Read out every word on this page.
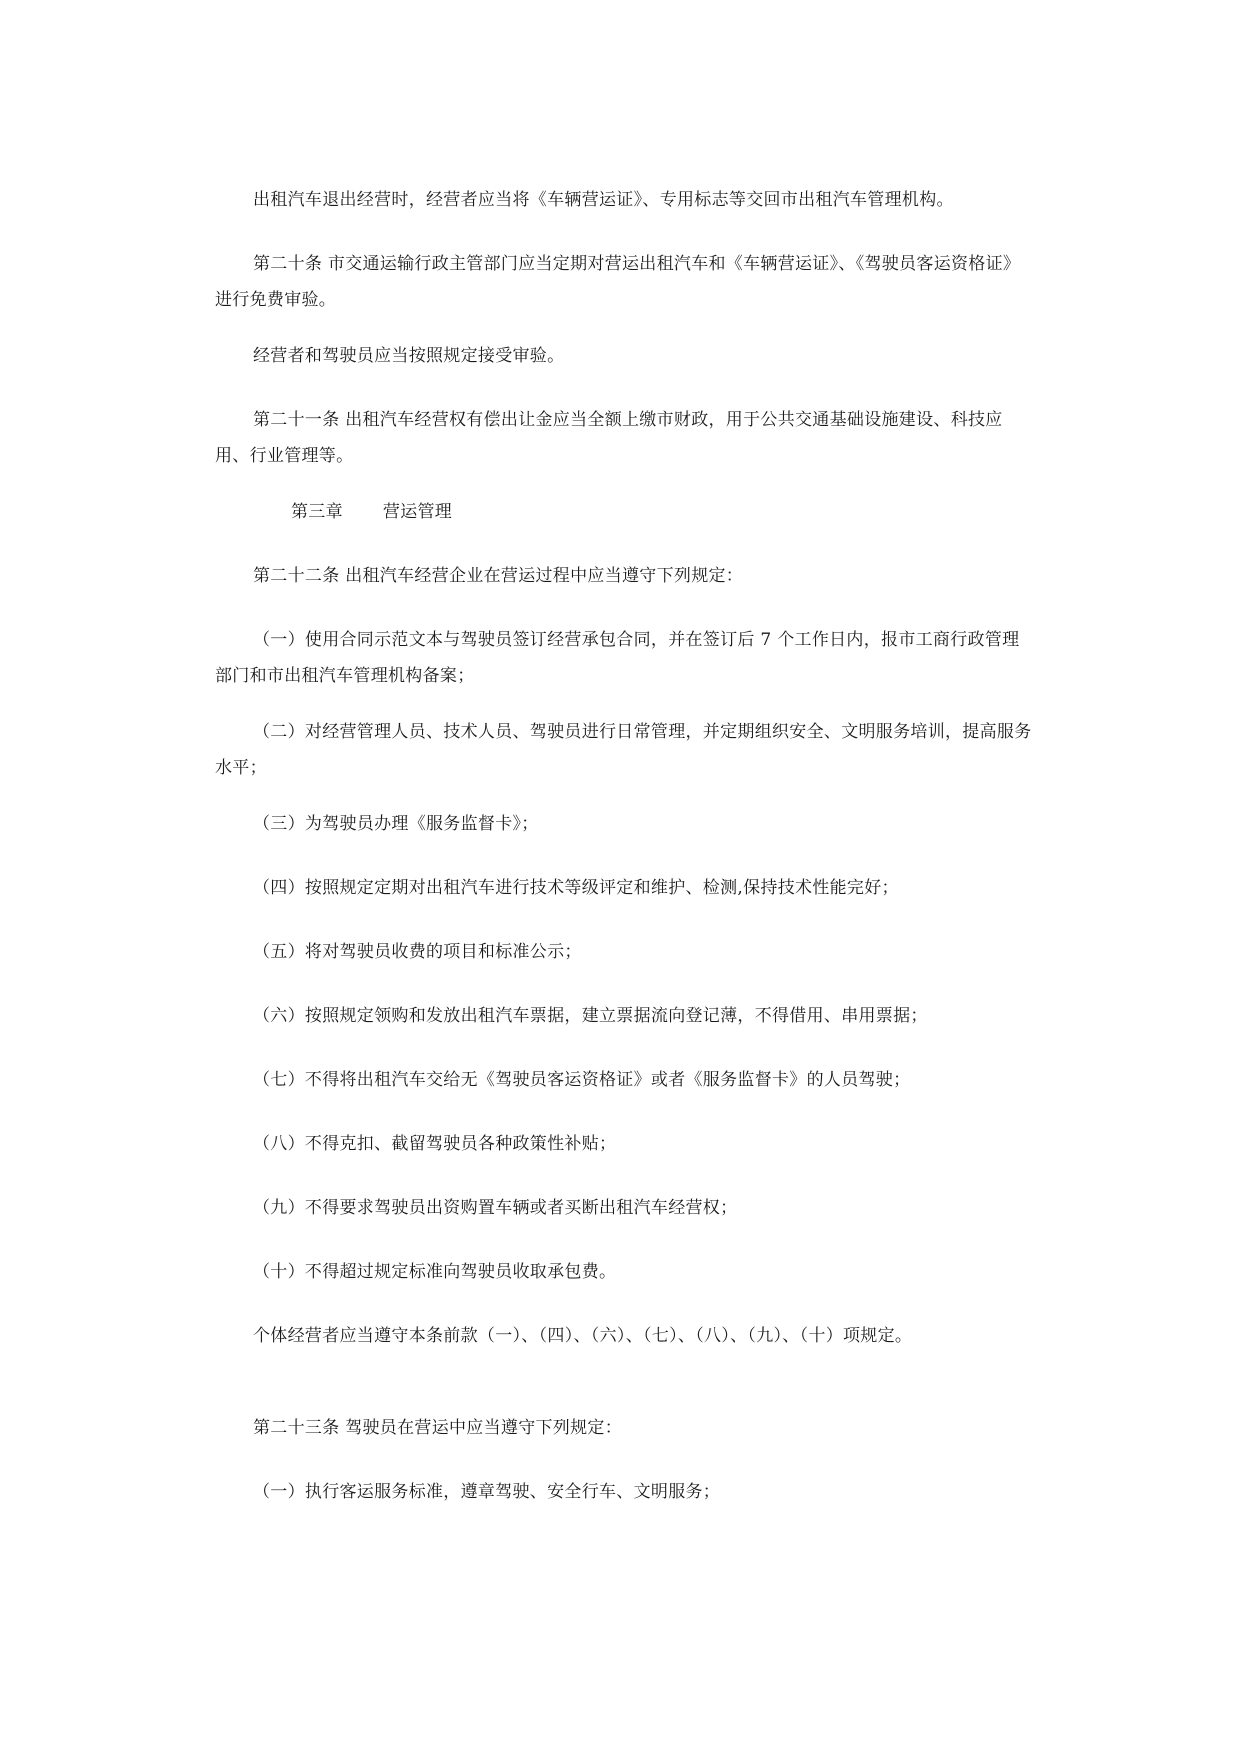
出租汽车退出经营时，经营者应当将《车辆营运证》、专用标志等交回市出租汽车管理机构。

第二十条 市交通运输行政主管部门应当定期对营运出租汽车和《车辆营运证》、《驾驶员客运资格证》进行免费审验。

经营者和驾驶员应当按照规定接受审验。

第二十一条 出租汽车经营权有偿出让金应当全额上缴市财政，用于公共交通基础设施建设、科技应用、行业管理等。

第三章 营运管理

第二十二条 出租汽车经营企业在营运过程中应当遵守下列规定：

（一）使用合同示范文本与驾驶员签订经营承包合同，并在签订后 7 个工作日内，报市工商行政管理部门和市出租汽车管理机构备案；

（二）对经营管理人员、技术人员、驾驶员进行日常管理，并定期组织安全、文明服务培训，提高服务水平；

（三）为驾驶员办理《服务监督卡》；

（四）按照规定定期对出租汽车进行技术等级评定和维护、检测,保持技术性能完好；

（五）将对驾驶员收费的项目和标准公示；

（六）按照规定领购和发放出租汽车票据，建立票据流向登记薄，不得借用、串用票据；

（七）不得将出租汽车交给无《驾驶员客运资格证》或者《服务监督卡》的人员驾驶；

（八）不得克扣、截留驾驶员各种政策性补贴；

（九）不得要求驾驶员出资购置车辆或者买断出租汽车经营权；

（十）不得超过规定标准向驾驶员收取承包费。

个体经营者应当遵守本条前款（一）、（四）、（六）、（七）、（八）、（九）、（十）项规定。

第二十三条 驾驶员在营运中应当遵守下列规定：

（一）执行客运服务标准，遵章驾驶、安全行车、文明服务；
